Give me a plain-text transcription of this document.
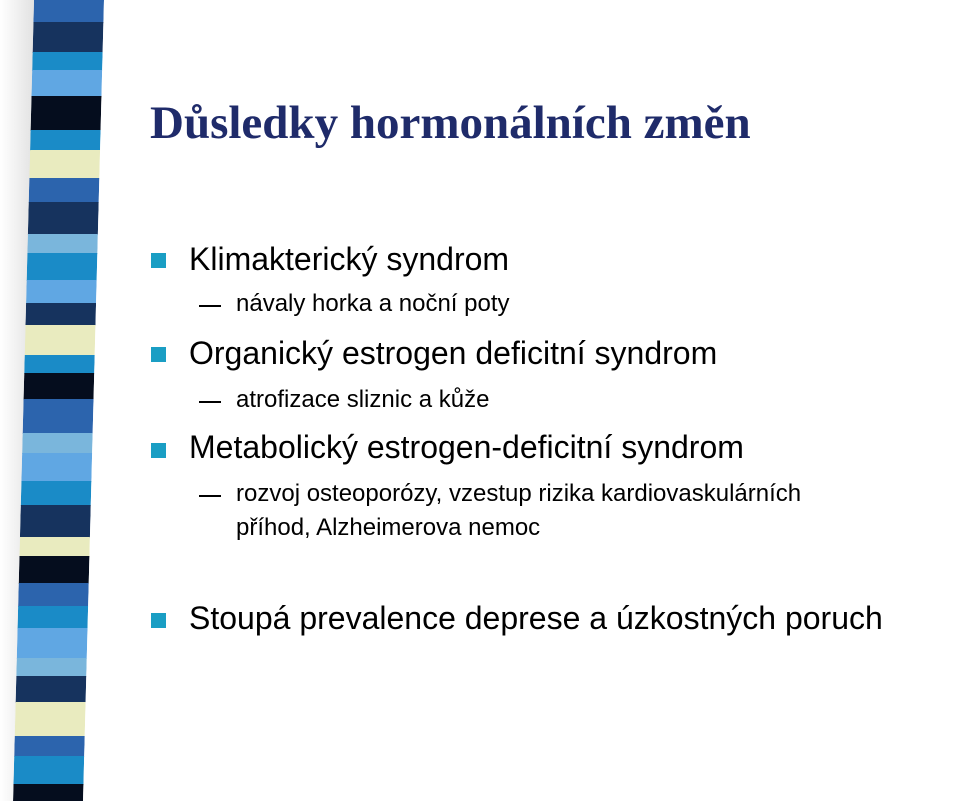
Důsledky hormonálních změn
Klimakterický syndrom
návaly horka a noční poty
Organický estrogen deficitní syndrom
atrofizace sliznic a kůže
Metabolický estrogen-deficitní syndrom
rozvoj osteoporózy, vzestup rizika kardiovaskulárních
příhod, Alzheimerova nemoc
Stoupá prevalence deprese a úzkostných poruch
